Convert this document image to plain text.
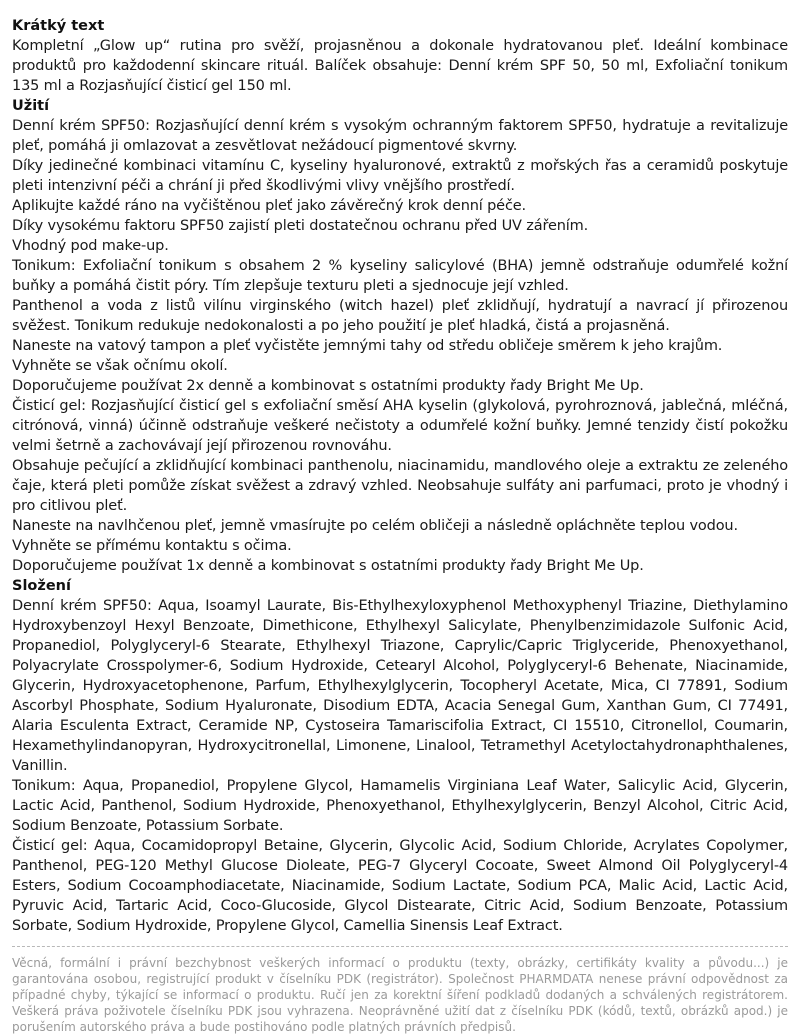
Krátký text

Kompletní „Glow up“ rutina pro svěží, projasněnou a dokonale hydratovanou pleť. Ideální kombinace produktů pro každodenní skincare rituál. Balíček obsahuje: Denní krém SPF 50, 50 ml, Exfoliační tonikum 135 ml a Rozjasňující čisticí gel 150 ml.

Užití

Denní krém SPF50: Rozjasňující denní krém s vysokým ochranným faktorem SPF50, hydratuje a revitalizuje pleť, pomáhá ji omlazovat a zesvětlovat nežádoucí pigmentové skvrny.

Díky jedinečné kombinaci vitamínu C, kyseliny hyaluronové, extraktů z mořských řas a ceramidů poskytuje pleti intenzivní péči a chrání ji před škodlivými vlivy vnějšího prostředí.

Aplikujte každé ráno na vyčištěnou pleť jako závěrečný krok denní péče.

Díky vysokému faktoru SPF50 zajistí pleti dostatečnou ochranu před UV zářením.

Vhodný pod make-up.

Tonikum: Exfoliační tonikum s obsahem 2 % kyseliny salicylové (BHA) jemně odstraňuje odumřelé kožní buňky a pomáhá čistit póry. Tím zlepšuje texturu pleti a sjednocuje její vzhled.

Panthenol a voda z listů vilínu virginského (witch hazel) pleť zklidňují, hydratují a navrací jí přirozenou svěžest. Tonikum redukuje nedokonalosti a po jeho použití je pleť hladká, čistá a projasněná.

Naneste na vatový tampon a pleť vyčistěte jemnými tahy od středu obličeje směrem k jeho krajům.

Vyhněte se však očnímu okolí.

Doporučujeme používat 2x denně a kombinovat s ostatními produkty řady Bright Me Up.

Čisticí gel: Rozjasňující čisticí gel s exfoliační směsí AHA kyselin (glykolová, pyrohroznová, jablečná, mléčná, citrónová, vinná) účinně odstraňuje veškeré nečistoty a odumřelé kožní buňky. Jemné tenzidy čistí pokožku velmi šetrně a zachovávají její přirozenou rovnováhu.

Obsahuje pečující a zklidňující kombinaci panthenolu, niacinamidu, mandlového oleje a extraktu ze zeleného čaje, která pleti pomůže získat svěžest a zdravý vzhled. Neobsahuje sulfáty ani parfumaci, proto je vhodný i pro citlivou pleť.

Naneste na navlhčenou pleť, jemně vmasírujte po celém obličeji a následně opláchněte teplou vodou.

Vyhněte se přímému kontaktu s očima.

Doporučujeme používat 1x denně a kombinovat s ostatními produkty řady Bright Me Up.

Složení

Denní krém SPF50: Aqua, Isoamyl Laurate, Bis-Ethylhexyloxyphenol Methoxyphenyl Triazine, Diethylamino Hydroxybenzoyl Hexyl Benzoate, Dimethicone, Ethylhexyl Salicylate, Phenylbenzimidazole Sulfonic Acid, Propanediol, Polyglyceryl-6 Stearate, Ethylhexyl Triazone, Caprylic/Capric Triglyceride, Phenoxyethanol, Polyacrylate Crosspolymer-6, Sodium Hydroxide, Cetearyl Alcohol, Polyglyceryl-6 Behenate, Niacinamide, Glycerin, Hydroxyacetophenone, Parfum, Ethylhexylglycerin, Tocopheryl Acetate, Mica, CI 77891, Sodium Ascorbyl Phosphate, Sodium Hyaluronate, Disodium EDTA, Acacia Senegal Gum, Xanthan Gum, CI 77491, Alaria Esculenta Extract, Ceramide NP, Cystoseira Tamariscifolia Extract, CI 15510, Citronellol, Coumarin, Hexamethylindanopyran, Hydroxycitronellal, Limonene, Linalool, Tetramethyl Acetyloctahydronaphthalenes, Vanillin.

Tonikum: Aqua, Propanediol, Propylene Glycol, Hamamelis Virginiana Leaf Water, Salicylic Acid, Glycerin, Lactic Acid, Panthenol, Sodium Hydroxide, Phenoxyethanol, Ethylhexylglycerin, Benzyl Alcohol, Citric Acid, Sodium Benzoate, Potassium Sorbate.

Čisticí gel: Aqua, Cocamidopropyl Betaine, Glycerin, Glycolic Acid, Sodium Chloride, Acrylates Copolymer, Panthenol, PEG-120 Methyl Glucose Dioleate, PEG-7 Glyceryl Cocoate, Sweet Almond Oil Polyglyceryl-4 Esters, Sodium Cocoamphodiacetate, Niacinamide, Sodium Lactate, Sodium PCA, Malic Acid, Lactic Acid, Pyruvic Acid, Tartaric Acid, Coco-Glucoside, Glycol Distearate, Citric Acid, Sodium Benzoate, Potassium Sorbate, Sodium Hydroxide, Propylene Glycol, Camellia Sinensis Leaf Extract.

Věcná, formální i právní bezchybnost veškerých informací o produktu (texty, obrázky, certifikáty kvality a původu...) je garantována osobou, registrující produkt v číselníku PDK (registrátor). Společnost PHARMDATA nenese právní odpovědnost za případné chyby, týkající se informací o produktu. Ručí jen za korektní šíření podkladů dodaných a schválených registrátorem. Veškerá práva poživotele číselníku PDK jsou vyhrazena. Neoprávněné užití dat z číselníku PDK (kódů, textů, obrázků apod.) je porušením autorského práva a bude postihováno podle platných právních předpisů.
